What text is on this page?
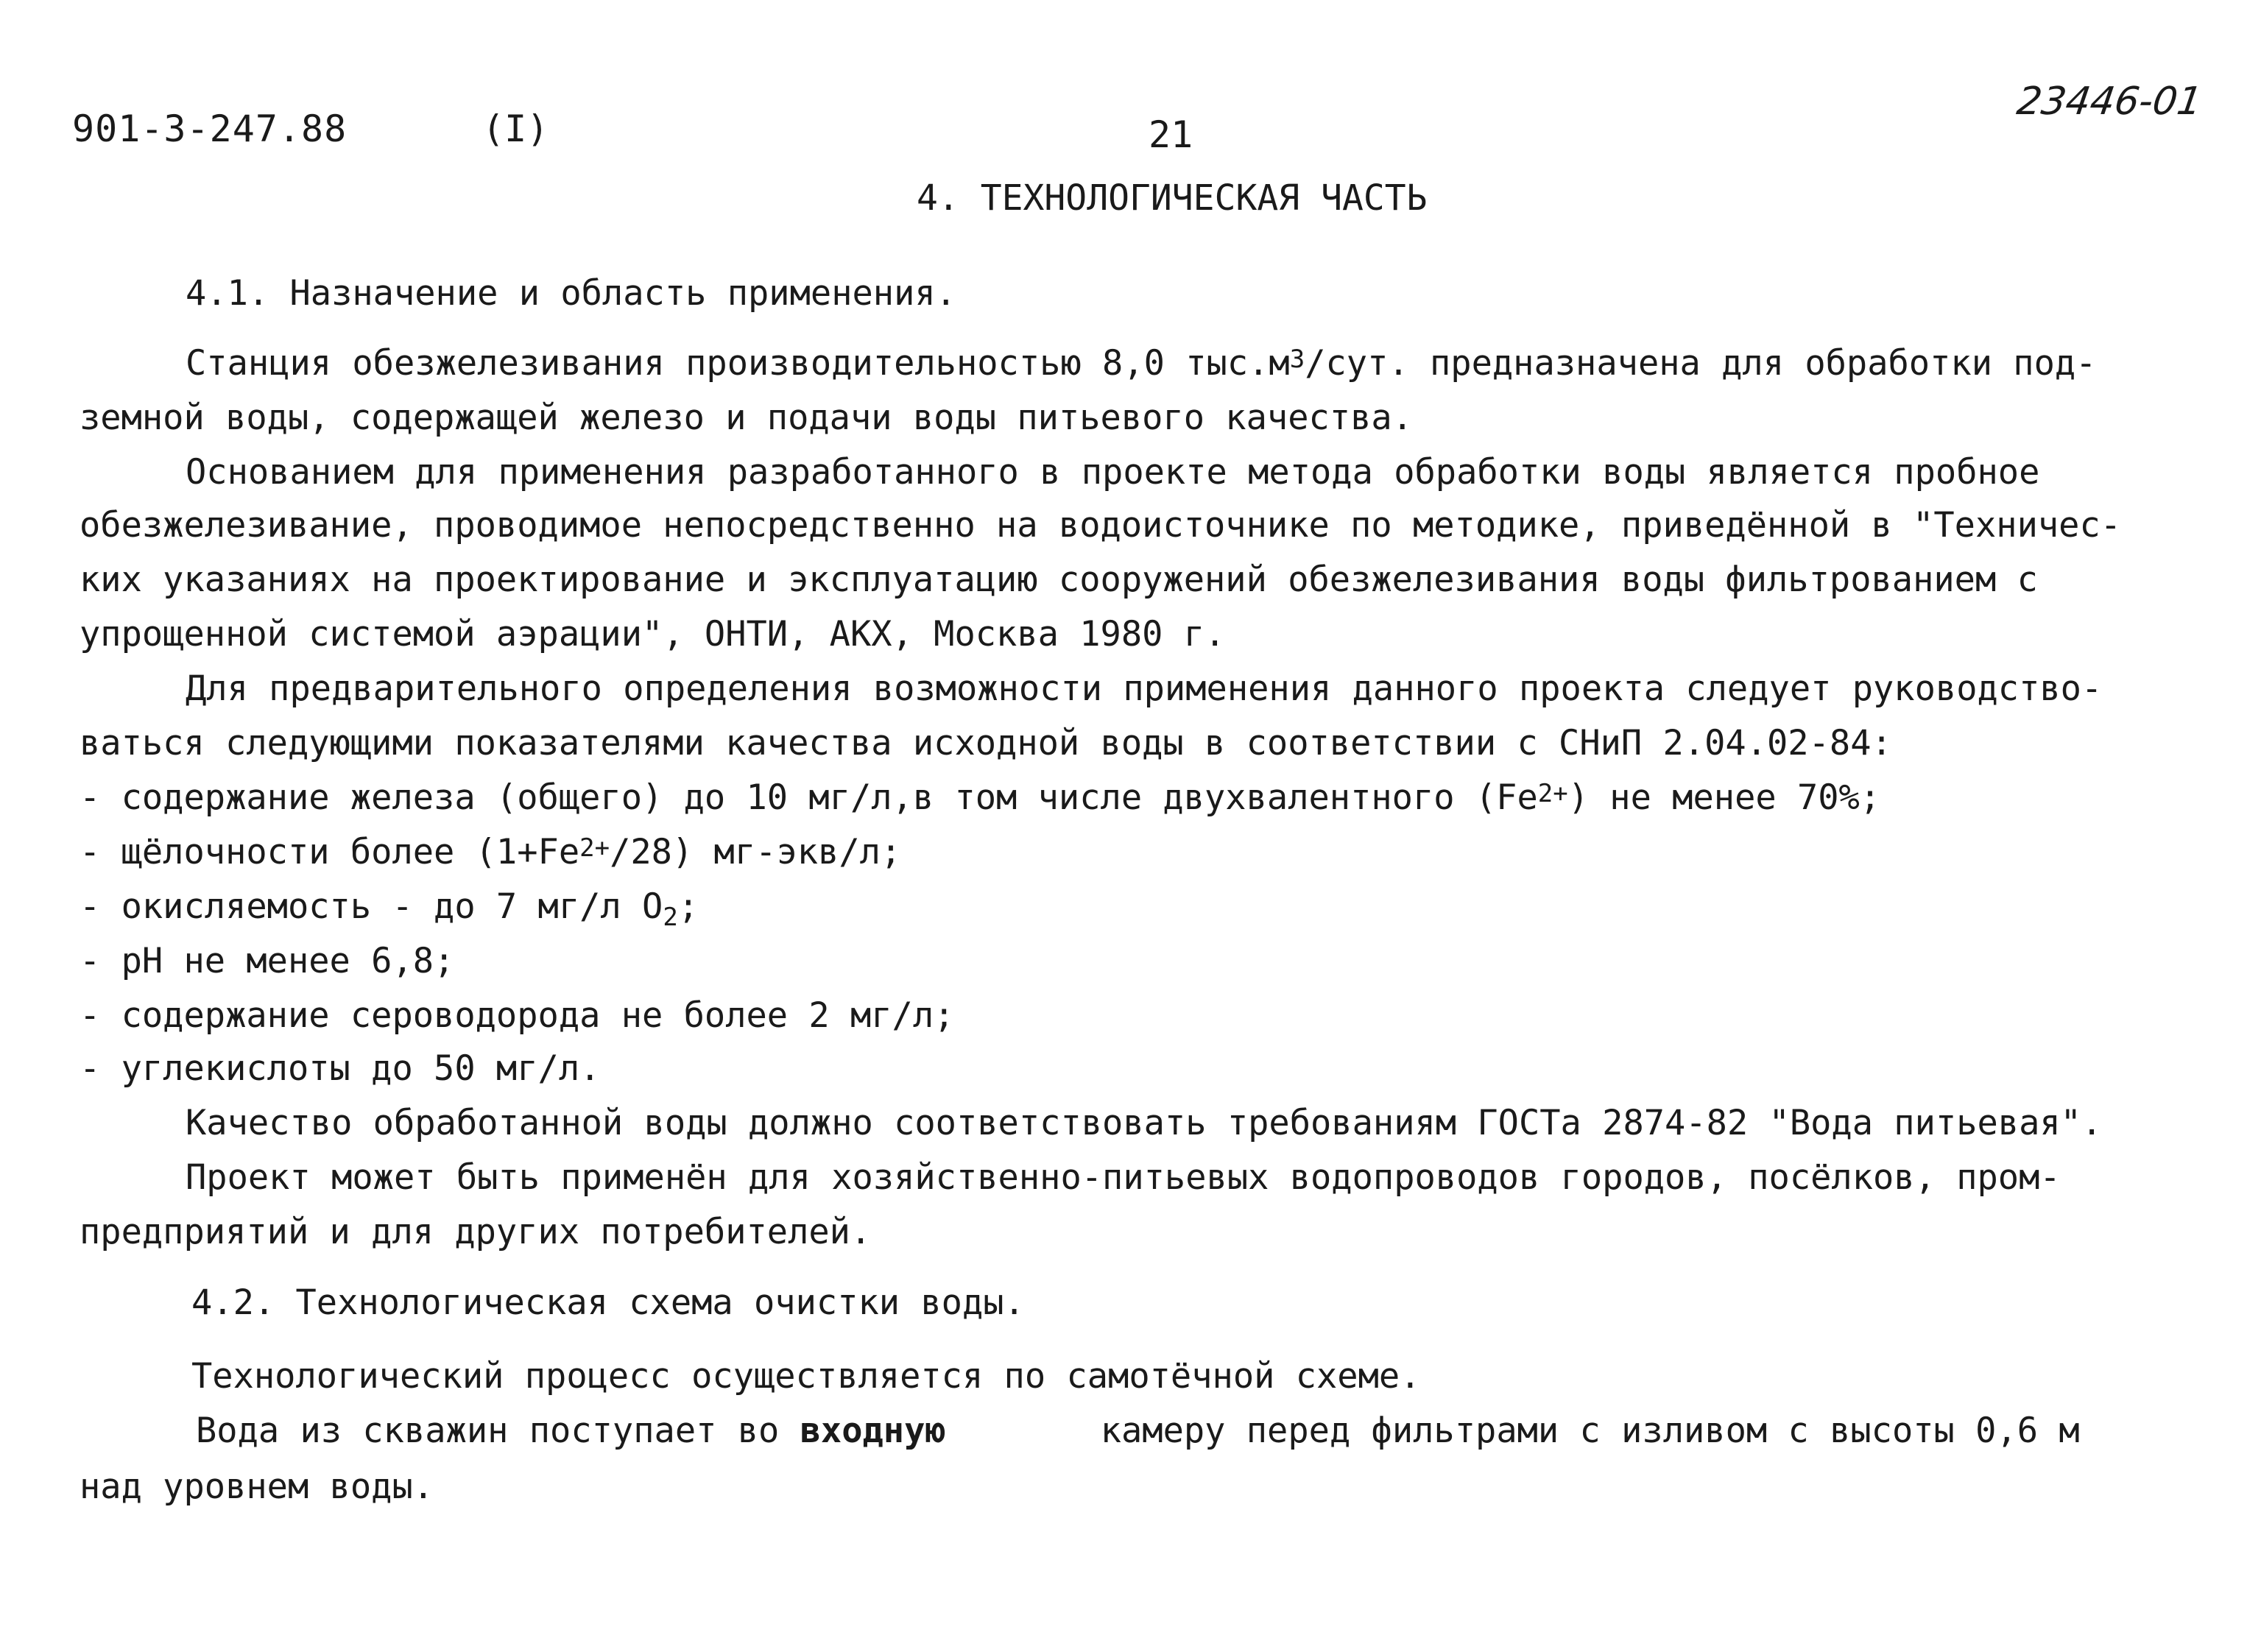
901-3-247.88	(I)	21
23446-01
4. ТЕХНОЛОГИЧЕСКАЯ ЧАСТЬ
4.1. Назначение и область применения.
Станция обезжелезивания производительностью 8,0 $тыс.м^3$/сут. предназначена для обработки под-
земной воды, содержащей железо и подачи воды питьевого качества.
Основанием для применения разработанного в проекте метода обработки воды является пробное
обезжелезивание, проводимое непосредственно на водоисточнике по методике, приведённой в "Техничес-
ких указаниях на проектирование и эксплуатацию сооружений обезжелезивания воды фильтрованием с
упрощенной системой аэрации", ОНТИ, АКХ, Москва 1980 г.
Для предварительного определения возможности применения данного проекта следует руководство-
ваться следующими показателями качества исходной воды в соответствии с СНиП 2.04.02-84:
- содержание железа (общего) до 10 мг/л,в том числе двухвалентного $(Fe^{2+})$ не менее 70%;
- щёлочности более $(1+Fe^{2+}/28)$ мг-экв/л;
- окисляемость - до 7 мг/л $O_2$;
- pH не менее 6,8;
- содержание сероводорода не более 2 мг/л;
- углекислоты до 50 мг/л.
Качество обработанной воды должно соответствовать требованиям ГОСТа 2874-82 "Вода питьевая".
Проект может быть применён для хозяйственно-питьевых водопроводов городов, посёлков, пром-
предприятий и для других потребителей.
4.2. Технологическая схема очистки воды.
Технологический процесс осуществляется по самотёчной схеме.
Вода из скважин поступает во входную	камеру перед фильтрами с изливом с высоты 0,6 м
над уровнем воды.
